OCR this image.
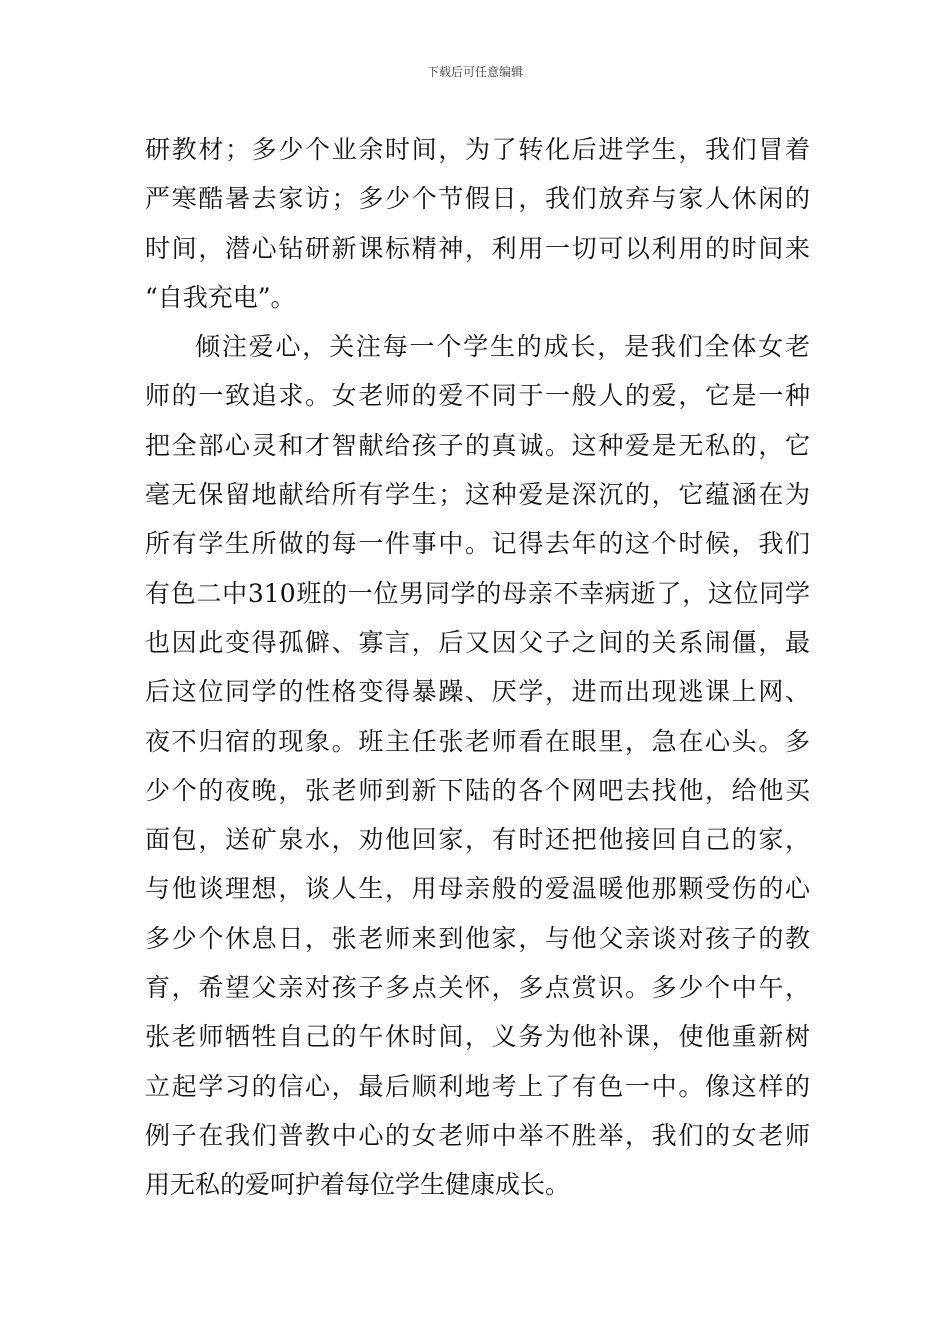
下载后可任意编辑
研教材；多少个业余时间，为了转化后进学生，我们冒着
严寒酷暑去家访；多少个节假日，我们放弃与家人休闲的
时间，潜心钻研新课标精神，利用一切可以利用的时间来
“自我充电”。
倾注爱心，关注每一个学生的成长，是我们全体女老
师的一致追求。女老师的爱不同于一般人的爱，它是一种
把全部心灵和才智献给孩子的真诚。这种爱是无私的，它
毫无保留地献给所有学生；这种爱是深沉的，它蕴涵在为
所有学生所做的每一件事中。记得去年的这个时候，我们
有色二中310班的一位男同学的母亲不幸病逝了，这位同学
也因此变得孤僻、寡言，后又因父子之间的关系闹僵，最
后这位同学的性格变得暴躁、厌学，进而出现逃课上网、
夜不归宿的现象。班主任张老师看在眼里，急在心头。多
少个的夜晚，张老师到新下陆的各个网吧去找他，给他买
面包，送矿泉水，劝他回家，有时还把他接回自己的家，
与他谈理想，谈人生，用母亲般的爱温暖他那颗受伤的心
多少个休息日，张老师来到他家，与他父亲谈对孩子的教
育，希望父亲对孩子多点关怀，多点赏识。多少个中午，
张老师牺牲自己的午休时间，义务为他补课，使他重新树
立起学习的信心，最后顺利地考上了有色一中。像这样的
例子在我们普教中心的女老师中举不胜举，我们的女老师
用无私的爱呵护着每位学生健康成长。
